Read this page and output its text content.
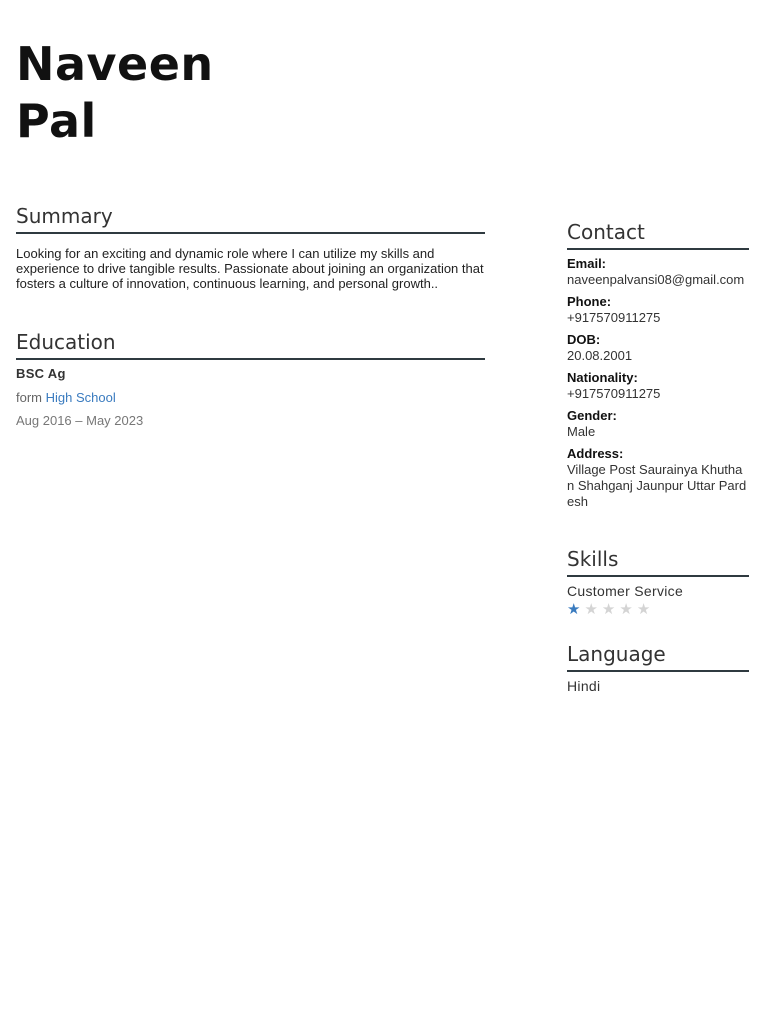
Naveen
Pal
Summary
Looking for an exciting and dynamic role where I can utilize my skills and experience to drive tangible results. Passionate about joining an organization that fosters a culture of innovation, continuous learning, and personal growth..
Education
BSC Ag
form High School
Aug 2016 – May 2023
Contact
Email:
naveenpalvansi08@gmail.com
Phone:
+917570911275
DOB:
20.08.2001
Nationality:
+917570911275
Gender:
Male
Address:
Village Post Saurainya Khuthan Shahganj Jaunpur Uttar Pardesh
Skills
Customer Service
★★★★★
Language
Hindi
